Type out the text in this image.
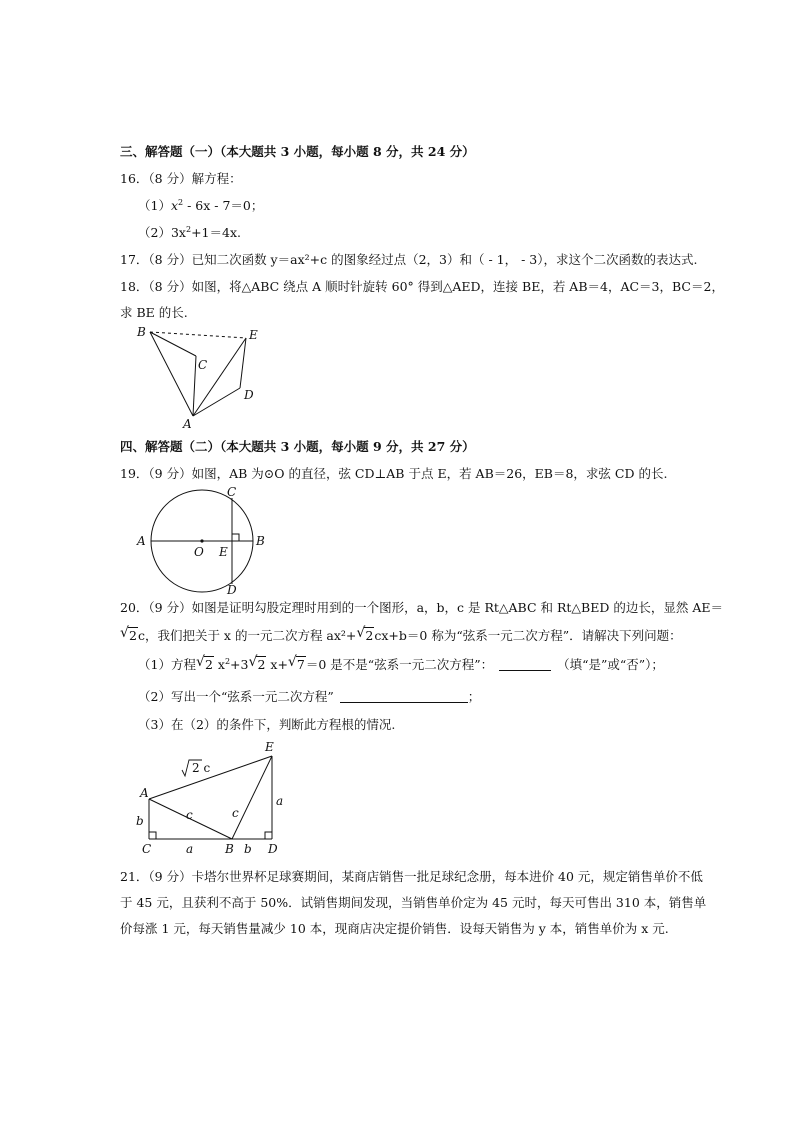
三、解答题（一）（本大题共 3 小题，每小题 8 分，共 24 分）
16．（8 分）解方程：
$(1)x^2 - 6x - 7=0$；
$(2)3x^2+1=4x$.
17．（8 分）已知二次函数 y＝ax²+c 的图象经过点（2，3）和（ - 1， - 3），求这个二次函数的表达式.
18．（8 分）如图，将△ABC 绕点 A 顺时针旋转 60° 得到△AED，连接 BE，若 AB＝4，AC＝3，BC＝2，
求 BE 的长.
B
C
E
D
A
四、解答题（二）（本大题共 3 小题，每小题 9 分，共 27 分）
19．（9 分）如图，AB 为⊙O 的直径，弦 CD⊥AB 于点 E，若 AB＝26，EB＝8，求弦 CD 的长.
A	B
C
D
O E
20．（9 分）如图是证明勾股定理时用到的一个图形，a，b，c 是 Rt△ABC 和 Rt△BED 的边长，显然 AE＝
√ 2c，我们把关于 x 的一元二次方程 ax²+ √ 2cx+b＝0 称为“弦系一元二次方程”．请解决下列问题：
（1）方程 √ 2 $x^2+3$ √ 2 x+ √ 7＝0 是不是“弦系一元二次方程”：	（填“是”或“否”）；
（2）写出一个“弦系一元二次方程”	；
（3）在（2）的条件下，判断此方程根的情况.
E
A
C	B	D
b
a	b
a
c	c
2 c
21．（9 分）卡塔尔世界杯足球赛期间，某商店销售一批足球纪念册，每本进价 40 元，规定销售单价不低
于 45 元，且获利不高于 50%．试销售期间发现，当销售单价定为 45 元时，每天可售出 310 本，销售单
价每涨 1 元，每天销售量减少 10 本，现商店决定提价销售．设每天销售为 y 本，销售单价为 x 元.
